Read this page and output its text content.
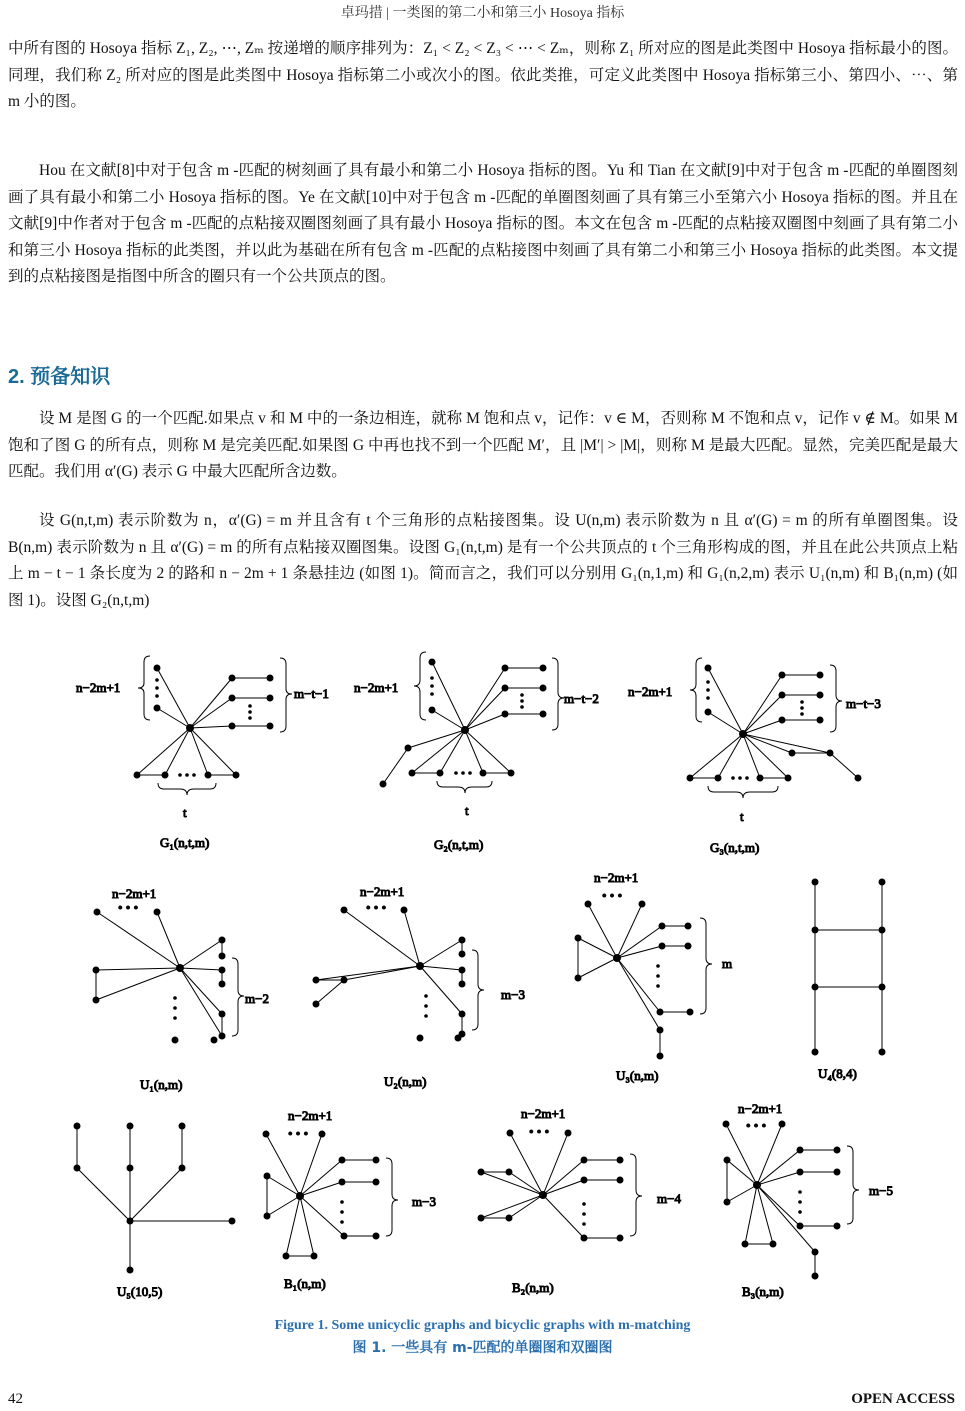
卓玛措 | 一类图的第二小和第三小 Hosoya 指标
中所有图的 Hosoya 指标 Z₁, Z₂, ⋯, Zₘ 按递增的顺序排列为：Z₁ < Z₂ < Z₃ < ⋯ < Zₘ，则称 Z₁ 所对应的图是此类图中 Hosoya 指标最小的图。同理，我们称 Z₂ 所对应的图是此类图中 Hosoya 指标第二小或次小的图。依此类推，可定义此类图中 Hosoya 指标第三小、第四小、⋯、第 m 小的图。
Hou 在文献[8]中对于包含 m -匹配的树刻画了具有最小和第二小 Hosoya 指标的图。Yu 和 Tian 在文献[9]中对于包含 m -匹配的单圈图刻画了具有最小和第二小 Hosoya 指标的图。Ye 在文献[10]中对于包含 m -匹配的单圈图刻画了具有第三小至第六小 Hosoya 指标的图。并且在文献[9]中作者对于包含 m -匹配的点粘接双圈图刻画了具有最小 Hosoya 指标的图。本文在包含 m -匹配的点粘接双圈图中刻画了具有第二小和第三小 Hosoya 指标的此类图，并以此为基础在所有包含 m -匹配的点粘接图中刻画了具有第二小和第三小 Hosoya 指标的此类图。本文提到的点粘接图是指图中所含的圈只有一个公共顶点的图。
2. 预备知识
设 M 是图 G 的一个匹配.如果点 v 和 M 中的一条边相连，就称 M 饱和点 v，记作：v ∈ M，否则称 M 不饱和点 v，记作 v ∉ M。如果 M 饱和了图 G 的所有点，则称 M 是完美匹配.如果图 G 中再也找不到一个匹配 M′，且 |M′| > |M|，则称 M 是最大匹配。显然，完美匹配是最大匹配。我们用 α′(G) 表示 G 中最大匹配所含边数。
设 G(n,t,m) 表示阶数为 n，α′(G) = m 并且含有 t 个三角形的点粘接图集。设 U(n,m) 表示阶数为 n 且 α′(G) = m 的所有单圈图集。设 B(n,m) 表示阶数为 n 且 α′(G) = m 的所有点粘接双圈图集。设图 G₁(n,t,m) 是有一个公共顶点的 t 个三角形构成的图，并且在此公共顶点上粘上 m − t − 1 条长度为 2 的路和 n − 2m + 1 条悬挂边 (如图 1)。简而言之，我们可以分别用 G₁(n,1,m) 和 G₁(n,2,m) 表示 U₁(n,m) 和 B₁(n,m) (如图 1)。设图 G₂(n,t,m)
n−2m+1	m−t−1
t
G₁(n,t,m)
n−2m+1
m−t−2
t
G₂(n,t,m)
n−2m+1
m−t−3
t
G₃(n,t,m)
n−2m+1
• • •
m−2
U₁(n,m)
n−2m+1
• • •
m−3
U₂(n,m)
n−2m+1
• • •
m
U₃(n,m)	U₄(8,4)
U₅(10,5)
n−2m+1
• • •
m−3
B₁(n,m)
n−2m+1
• • •
m−4
B₂(n,m)
n−2m+1
• • •
m−5
B₃(n,m)
Figure 1. Some unicyclic graphs and bicyclic graphs with m-matching
图 1. 一些具有 m-匹配的单圈图和双圈图
42	OPEN ACCESS
